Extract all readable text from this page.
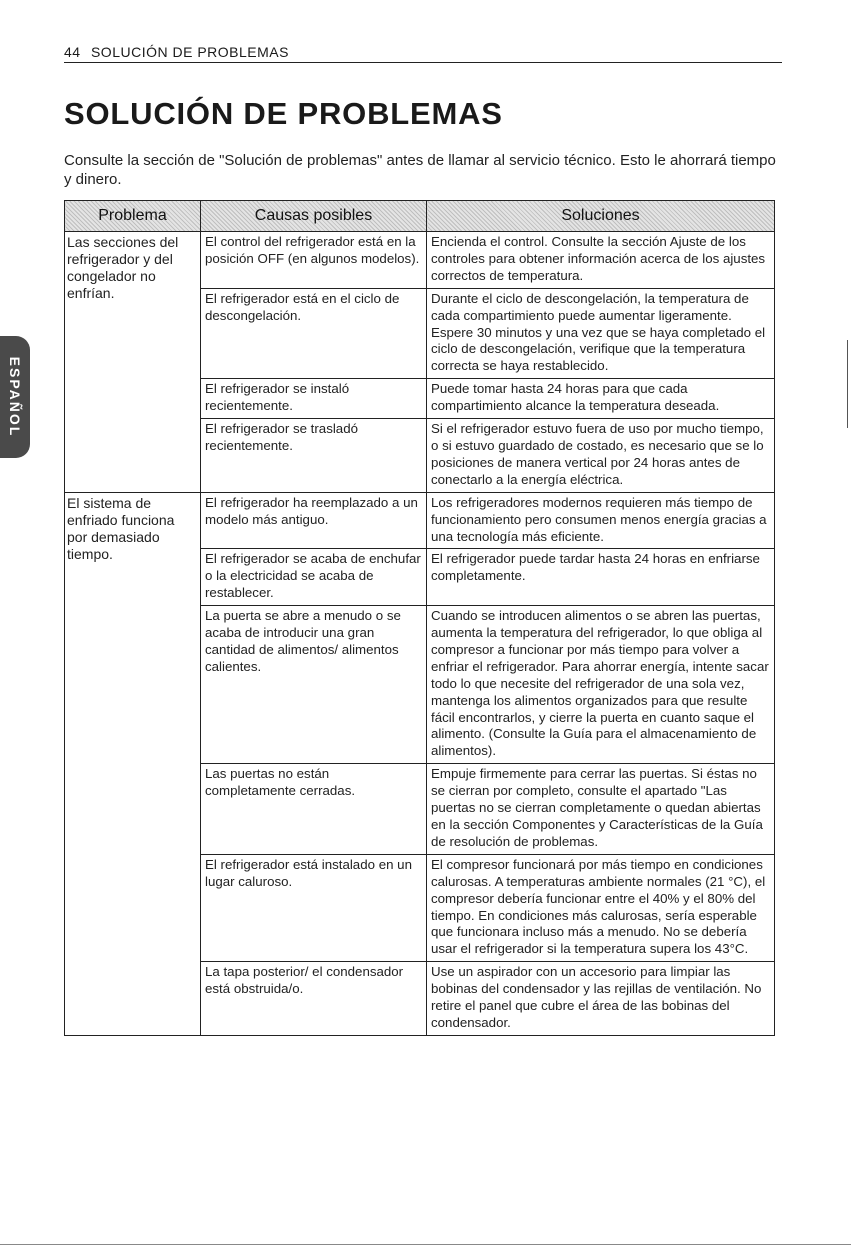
44 SOLUCIÓN DE PROBLEMAS
SOLUCIÓN DE PROBLEMAS

Consulte la sección de "Solución de problemas" antes de llamar al servicio técnico. Esto le ahorrará tiempo y dinero.

ESPAÑOL
Problema	Causas posibles	Soluciones
Las secciones del refrigerador y del congelador no enfrían.	El control del refrigerador está en la posición OFF (en algunos modelos).	Encienda el control. Consulte la sección Ajuste de los controles para obtener información acerca de los ajustes correctos de temperatura.
	El refrigerador está en el ciclo de descongelación.	Durante el ciclo de descongelación, la temperatura de cada compartimiento puede aumentar ligeramente. Espere 30 minutos y una vez que se haya completado el ciclo de descongelación, verifique que la temperatura correcta se haya restablecido.
	El refrigerador se instaló recientemente.	Puede tomar hasta 24 horas para que cada compartimiento alcance la temperatura deseada.
	El refrigerador se trasladó recientemente.	Si el refrigerador estuvo fuera de uso por mucho tiempo, o si estuvo guardado de costado, es necesario que se lo posiciones de manera vertical por 24 horas antes de conectarlo a la energía eléctrica.
El sistema de enfriado funciona por demasiado tiempo.	El refrigerador ha reemplazado a un modelo más antiguo.	Los refrigeradores modernos requieren más tiempo de funcionamiento pero consumen menos energía gracias a una tecnología más eficiente.
	El refrigerador se acaba de enchufar o la electricidad se acaba de restablecer.	El refrigerador puede tardar hasta 24 horas en enfriarse completamente.
	La puerta se abre a menudo o se acaba de introducir una gran cantidad de alimentos/ alimentos calientes.	Cuando se introducen alimentos o se abren las puertas, aumenta la temperatura del refrigerador, lo que obliga al compresor a funcionar por más tiempo para volver a enfriar el refrigerador. Para ahorrar energía, intente sacar todo lo que necesite del refrigerador de una sola vez, mantenga los alimentos organizados para que resulte fácil encontrarlos, y cierre la puerta en cuanto saque el alimento. (Consulte la Guía para el almacenamiento de alimentos).
	Las puertas no están completamente cerradas.	Empuje firmemente para cerrar las puertas. Si éstas no se cierran por completo, consulte el apartado "Las puertas no se cierran completamente o quedan abiertas en la sección Componentes y Características de la Guía de resolución de problemas.
	El refrigerador está instalado en un lugar caluroso.	El compresor funcionará por más tiempo en condiciones calurosas. A temperaturas ambiente normales (21 °C), el compresor debería funcionar entre el 40% y el 80% del tiempo. En condiciones más calurosas, sería esperable que funcionara incluso más a menudo. No se debería usar el refrigerador si la temperatura supera los 43°C.
	La tapa posterior/ el condensador está obstruida/o.	Use un aspirador con un accesorio para limpiar las bobinas del condensador y las rejillas de ventilación. No retire el panel que cubre el área de las bobinas del condensador.
